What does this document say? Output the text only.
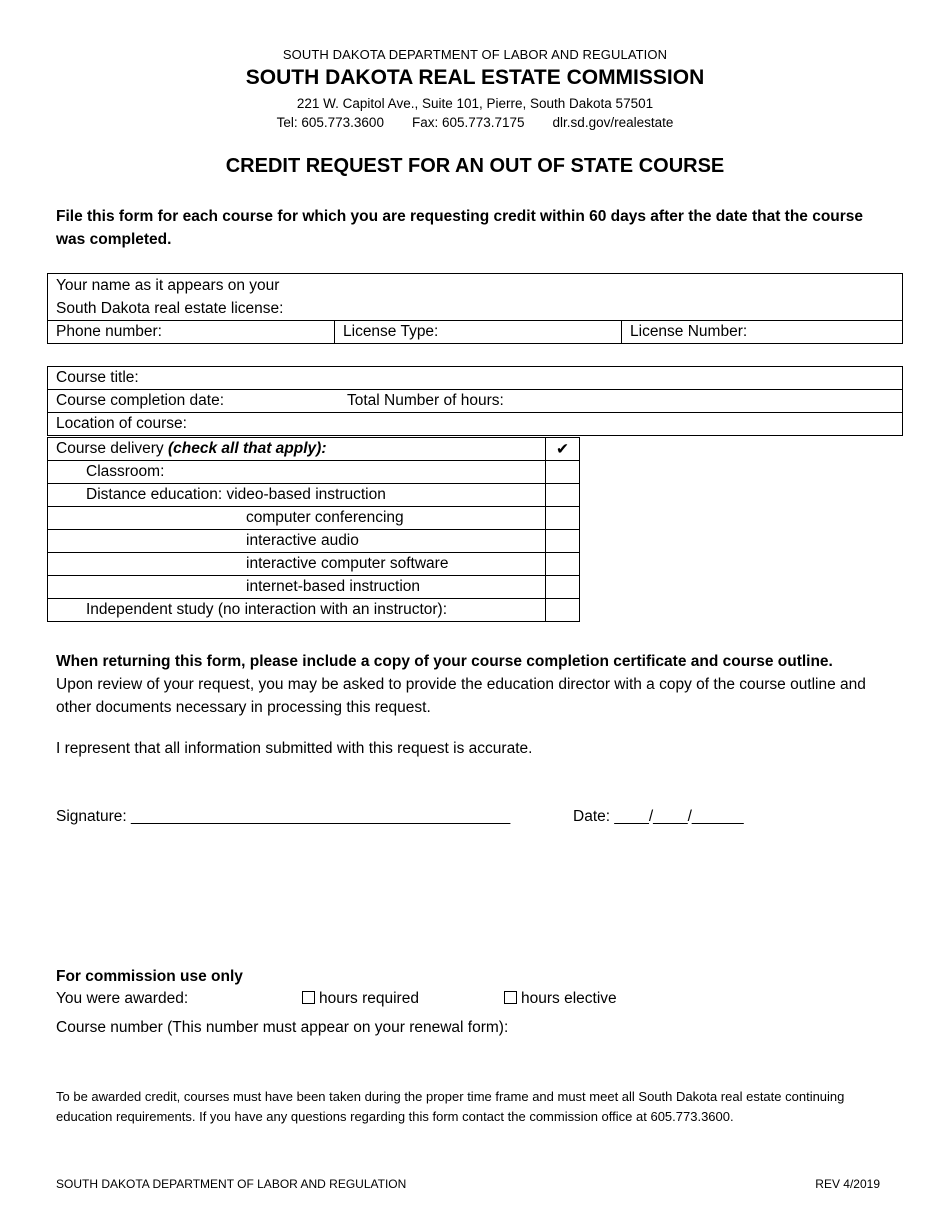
SOUTH DAKOTA DEPARTMENT OF LABOR AND REGULATION
SOUTH DAKOTA REAL ESTATE COMMISSION
221 W. Capitol Ave., Suite 101, Pierre, South Dakota 57501
Tel: 605.773.3600 Fax: 605.773.7175 dlr.sd.gov/realestate
CREDIT REQUEST FOR AN OUT OF STATE COURSE
File this form for each course for which you are requesting credit within 60 days after the date that the course was completed.
Your name as it appears on your
South Dakota real estate license:

Phone number:	License Type:	License Number:
Course title:
Course completion date:	Total Number of hours:
Location of course:
Course delivery (check all that apply):	✔
Classroom:	
Distance education: video-based instruction	
computer conferencing	
interactive audio	
interactive computer software	
internet-based instruction	
Independent study (no interaction with an instructor):	
When returning this form, please include a copy of your course completion certificate and course outline.
Upon review of your request, you may be asked to provide the education director with a copy of the course outline and other documents necessary in processing this request.
I represent that all information submitted with this request is accurate.
Signature: ____________________________________________	Date: ____/____/______
For commission use only
You were awarded:	hours required	hours elective
Course number (This number must appear on your renewal form):
To be awarded credit, courses must have been taken during the proper time frame and must meet all South Dakota real estate continuing education requirements. If you have any questions regarding this form contact the commission office at 605.773.3600.
SOUTH DAKOTA DEPARTMENT OF LABOR AND REGULATION	REV 4/2019
